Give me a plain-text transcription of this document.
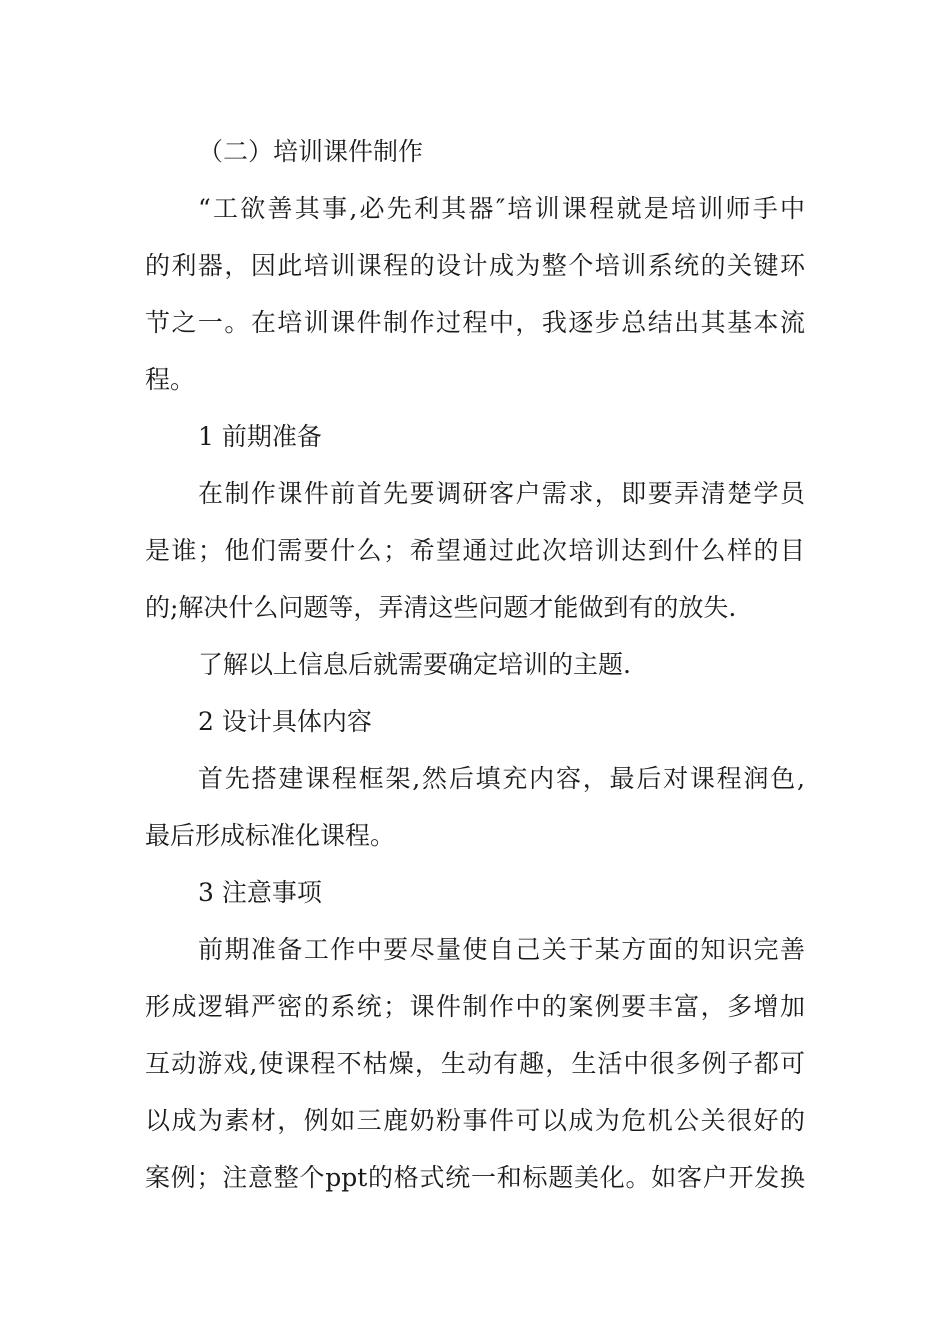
（二）培训课件制作
“工欲善其事,必先利其器″培训课程就是培训师手中
的利器，因此培训课程的设计成为整个培训系统的关键环
节之一。在培训课件制作过程中，我逐步总结出其基本流
程。
1 前期准备
在制作课件前首先要调研客户需求，即要弄清楚学员
是谁；他们需要什么；希望通过此次培训达到什么样的目
的;解决什么问题等，弄清这些问题才能做到有的放失.
了解以上信息后就需要确定培训的主题.
2 设计具体内容
首先搭建课程框架,然后填充内容，最后对课程润色,
最后形成标准化课程。
3 注意事项
前期准备工作中要尽量使自己关于某方面的知识完善
形成逻辑严密的系统；课件制作中的案例要丰富，多增加
互动游戏,使课程不枯燥，生动有趣，生活中很多例子都可
以成为素材，例如三鹿奶粉事件可以成为危机公关很好的
案例；注意整个ppt的格式统一和标题美化。如客户开发换
